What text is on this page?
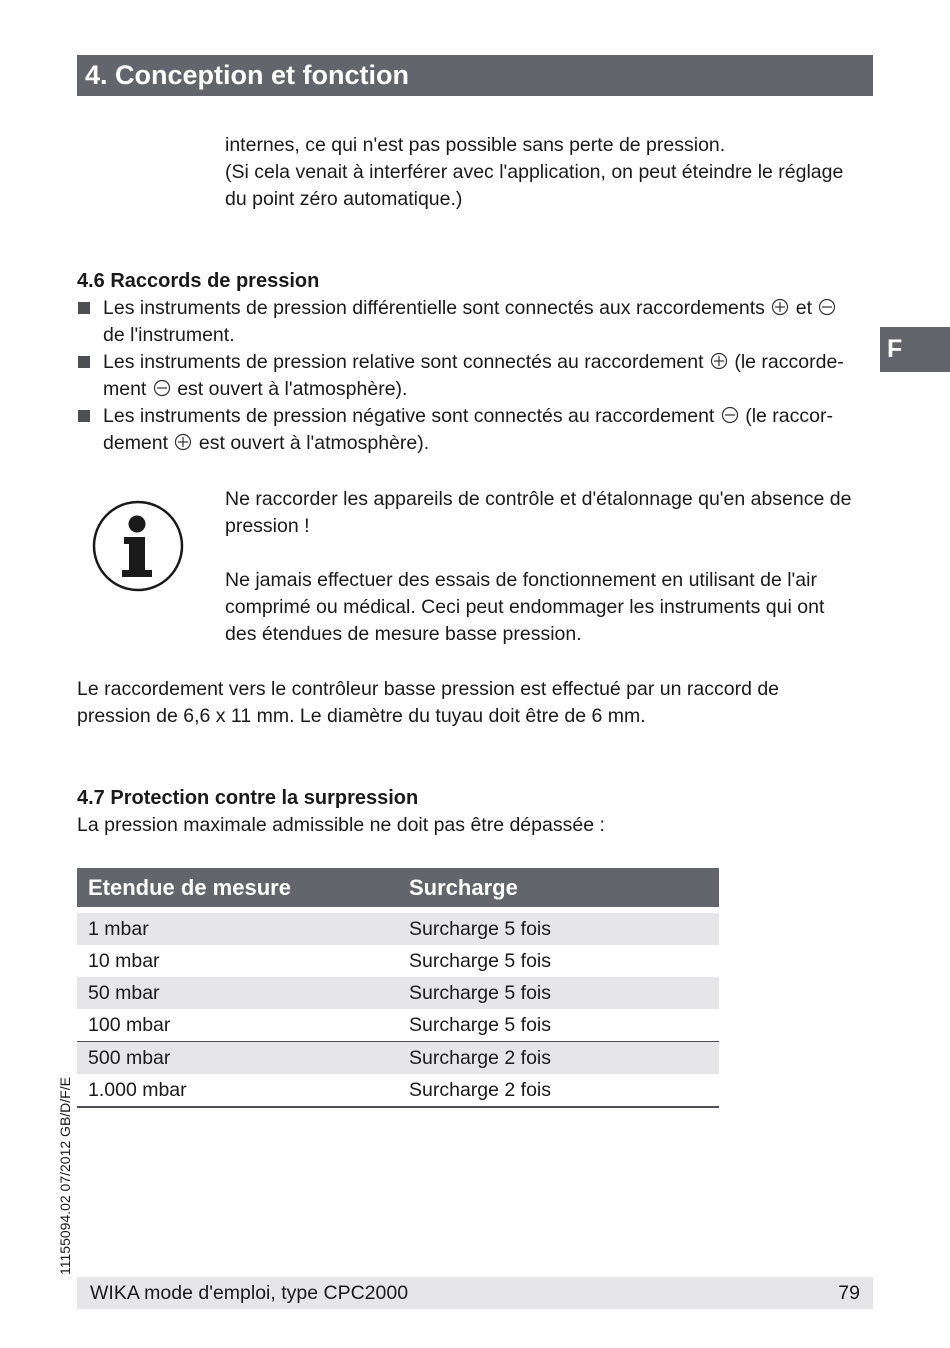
4. Conception et fonction
F
internes, ce qui n'est pas possible sans perte de pression.
(Si cela venait à interférer avec l'application, on peut éteindre le réglage
du point zéro automatique.)
4.6 Raccords de pression
Les instruments de pression différentielle sont connectés aux raccordements et
de l'instrument.
Les instruments de pression relative sont connectés au raccordement (le raccorde-
ment est ouvert à l'atmosphère).
Les instruments de pression négative sont connectés au raccordement (le raccor-
dement est ouvert à l'atmosphère).
Ne raccorder les appareils de contrôle et d'étalonnage qu'en absence de
pression !
Ne jamais effectuer des essais de fonctionnement en utilisant de l'air
comprimé ou médical. Ceci peut endommager les instruments qui ont
des étendues de mesure basse pression.
Le raccordement vers le contrôleur basse pression est effectué par un raccord de
pression de 6,6 x 11 mm. Le diamètre du tuyau doit être de 6 mm.
4.7 Protection contre la surpression
La pression maximale admissible ne doit pas être dépassée :
Etendue de mesure	Surcharge

1 mbar	Surcharge 5 fois
10 mbar	Surcharge 5 fois
50 mbar	Surcharge 5 fois
100 mbar	Surcharge 5 fois
500 mbar	Surcharge 2 fois
1.000 mbar	Surcharge 2 fois
11155094.02 07/2012 GB/D/F/E
WIKA mode d'emploi, type CPC2000	79
